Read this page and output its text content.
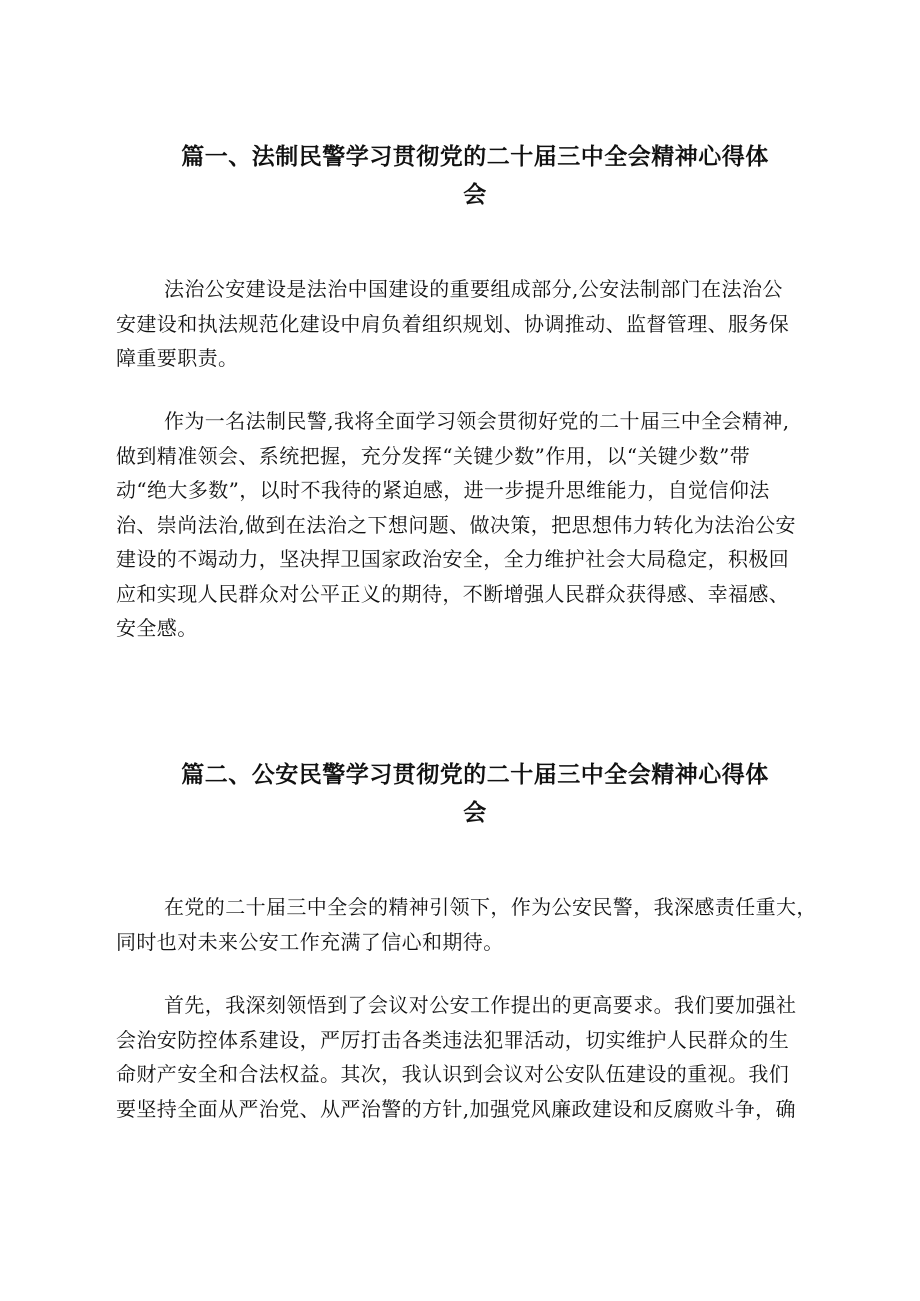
篇一、法制民警学习贯彻党的二十届三中全会精神心得体
会
法治公安建设是法治中国建设的重要组成部分,公安法制部门在法治公
安建设和执法规范化建设中肩负着组织规划、协调推动、监督管理、服务保
障重要职责。
作为一名法制民警,我将全面学习领会贯彻好党的二十届三中全会精神,
做到精准领会、系统把握，充分发挥“关键少数”作用，以“关键少数”带
动“绝大多数”，以时不我待的紧迫感，进一步提升思维能力，自觉信仰法
治、崇尚法治,做到在法治之下想问题、做决策，把思想伟力转化为法治公安
建设的不竭动力，坚决捍卫国家政治安全，全力维护社会大局稳定，积极回
应和实现人民群众对公平正义的期待，不断增强人民群众获得感、幸福感、
安全感。
篇二、公安民警学习贯彻党的二十届三中全会精神心得体
会
在党的二十届三中全会的精神引领下，作为公安民警，我深感责任重大，
同时也对未来公安工作充满了信心和期待。
首先，我深刻领悟到了会议对公安工作提出的更高要求。我们要加强社
会治安防控体系建设，严厉打击各类违法犯罪活动，切实维护人民群众的生
命财产安全和合法权益。其次，我认识到会议对公安队伍建设的重视。我们
要坚持全面从严治党、从严治警的方针,加强党风廉政建设和反腐败斗争，确
